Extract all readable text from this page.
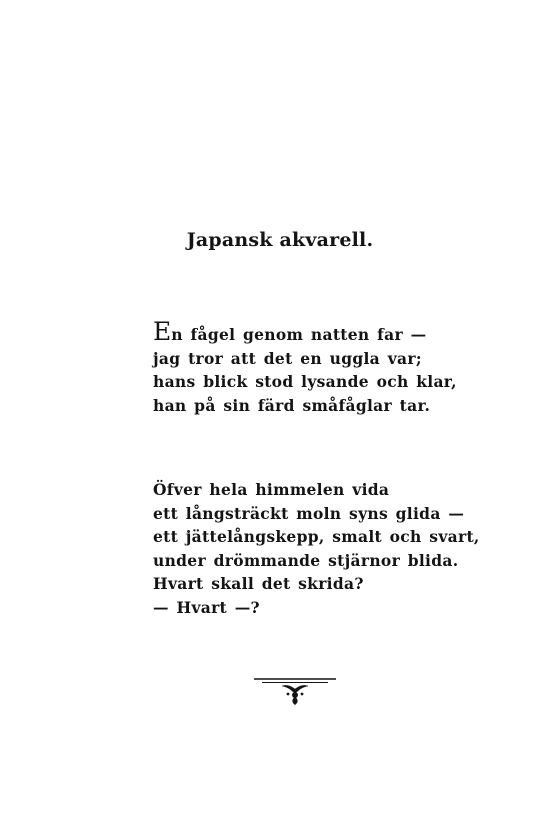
Japansk akvarell.
En fågel genom natten far —
jag tror att det en uggla var;
hans blick stod lysande och klar,
han på sin färd småfåglar tar.
Öfver hela himmelen vida
ett långsträckt moln syns glida —
ett jättelångskepp, smalt och svart,
under drömmande stjärnor blida.
Hvart skall det skrida?
— Hvart —?
